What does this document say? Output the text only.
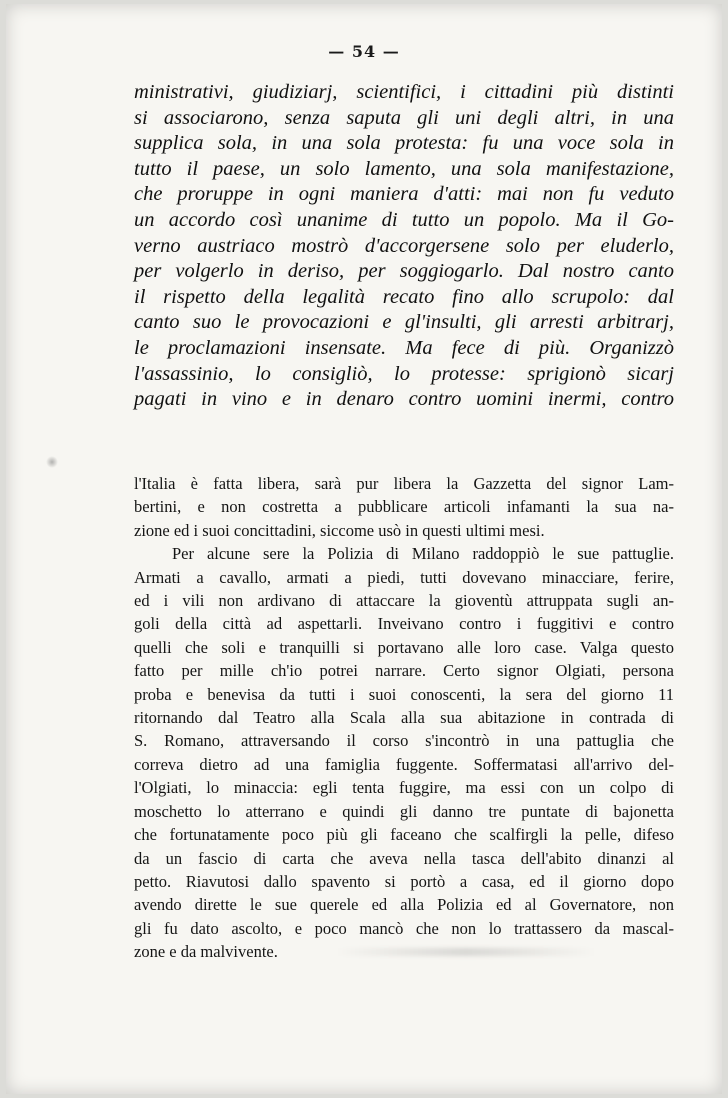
— 54 —
ministrativi, giudiziarj, scientifici, i cittadini più distinti
si associarono, senza saputa gli uni degli altri, in una
supplica sola, in una sola protesta: fu una voce sola in
tutto il paese, un solo lamento, una sola manifestazione,
che proruppe in ogni maniera d'atti: mai non fu veduto
un accordo così unanime di tutto un popolo. Ma il Go-
verno austriaco mostrò d'accorgersene solo per eluderlo,
per volgerlo in deriso, per soggiogarlo. Dal nostro canto
il rispetto della legalità recato fino allo scrupolo: dal
canto suo le provocazioni e gl'insulti, gli arresti arbitrarj,
le proclamazioni insensate. Ma fece di più. Organizzò
l'assassinio, lo consigliò, lo protesse: sprigionò sicarj
pagati in vino e in denaro contro uomini inermi, contro
l'Italia è fatta libera, sarà pur libera la Gazzetta del signor Lam-
bertini, e non costretta a pubblicare articoli infamanti la sua na-
zione ed i suoi concittadini, siccome usò in questi ultimi mesi.
Per alcune sere la Polizia di Milano raddoppiò le sue pattuglie.
Armati a cavallo, armati a piedi, tutti dovevano minacciare, ferire,
ed i vili non ardivano di attaccare la gioventù attruppata sugli an-
goli della città ad aspettarli. Inveivano contro i fuggitivi e contro
quelli che soli e tranquilli si portavano alle loro case. Valga questo
fatto per mille ch'io potrei narrare. Certo signor Olgiati, persona
proba e benevisa da tutti i suoi conoscenti, la sera del giorno 11
ritornando dal Teatro alla Scala alla sua abitazione in contrada di
S. Romano, attraversando il corso s'incontrò in una pattuglia che
correva dietro ad una famiglia fuggente. Soffermatasi all'arrivo del-
l'Olgiati, lo minaccia: egli tenta fuggire, ma essi con un colpo di
moschetto lo atterrano e quindi gli danno tre puntate di bajonetta
che fortunatamente poco più gli faceano che scalfirgli la pelle, difeso
da un fascio di carta che aveva nella tasca dell'abito dinanzi al
petto. Riavutosi dallo spavento si portò a casa, ed il giorno dopo
avendo dirette le sue querele ed alla Polizia ed al Governatore, non
gli fu dato ascolto, e poco mancò che non lo trattassero da mascal-
zone e da malvivente.
